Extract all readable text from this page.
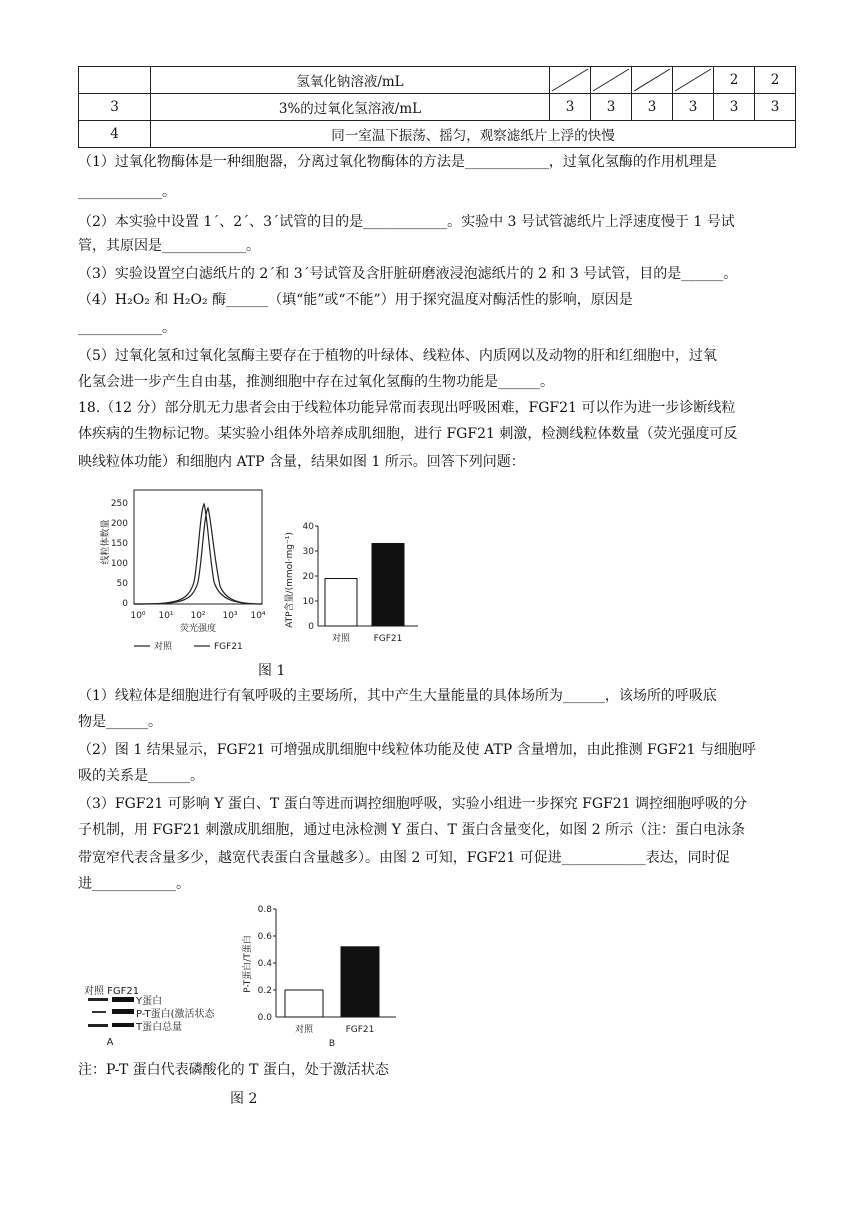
	氢氧化钠溶液/mL					2	2
3	3%的过氧化氢溶液/mL	3	3	3	3	3	3
4	同一室温下振荡、摇匀，观察滤纸片上浮的快慢						
（1）过氧化物酶体是一种细胞器，分离过氧化物酶体的方法是____________，过氧化氢酶的作用机理是
____________。
（2）本实验中设置 1´、2´、3´试管的目的是____________。实验中 3 号试管滤纸片上浮速度慢于 1 号试
管，其原因是____________。
（3）实验设置空白滤纸片的 2´和 3´号试管及含肝脏研磨液浸泡滤纸片的 2 和 3 号试管，目的是______。
（4）H₂O₂ 和 H₂O₂ 酶______（填“能”或“不能”）用于探究温度对酶活性的影响，原因是
____________。
（5）过氧化氢和过氧化氢酶主要存在于植物的叶绿体、线粒体、内质网以及动物的肝和红细胞中，过氧
化氢会进一步产生自由基，推测细胞中存在过氧化氢酶的生物功能是______。
18.（12 分）部分肌无力患者会由于线粒体功能异常而表现出呼吸困难，FGF21 可以作为进一步诊断线粒
体疾病的生物标记物。某实验小组体外培养成肌细胞，进行 FGF21 刺激，检测线粒体数量（荧光强度可反
映线粒体功能）和细胞内 ATP 含量，结果如图 1 所示。回答下列问题：
线粒体数量
250
200
150
100
50
0
10⁰ 10¹ 10² 10³ 10⁴
荧光强度
对照	FGF21
ATP含量/(mmol·mg⁻¹)
40
30
20
10
0
对照	FGF21
图 1
（1）线粒体是细胞进行有氧呼吸的主要场所，其中产生大量能量的具体场所为______，该场所的呼吸底
物是______。
（2）图 1 结果显示，FGF21 可增强成肌细胞中线粒体功能及使 ATP 含量增加，由此推测 FGF21 与细胞呼
吸的关系是______。
（3）FGF21 可影响 Y 蛋白、T 蛋白等进而调控细胞呼吸，实验小组进一步探究 FGF21 调控细胞呼吸的分
子机制，用 FGF21 刺激成肌细胞，通过电泳检测 Y 蛋白、T 蛋白含量变化，如图 2 所示（注：蛋白电泳条
带宽窄代表含量多少，越宽代表蛋白含量越多）。由图 2 可知，FGF21 可促进____________表达，同时促
进____________。
对照 FGF21
Y蛋白
P-T蛋白(激活状态
T蛋白总量
A
P-T蛋白/T蛋白
0.8
0.6
0.4
0.2
0.0
对照	FGF21
B
注：P-T 蛋白代表磷酸化的 T 蛋白，处于激活状态
图 2
